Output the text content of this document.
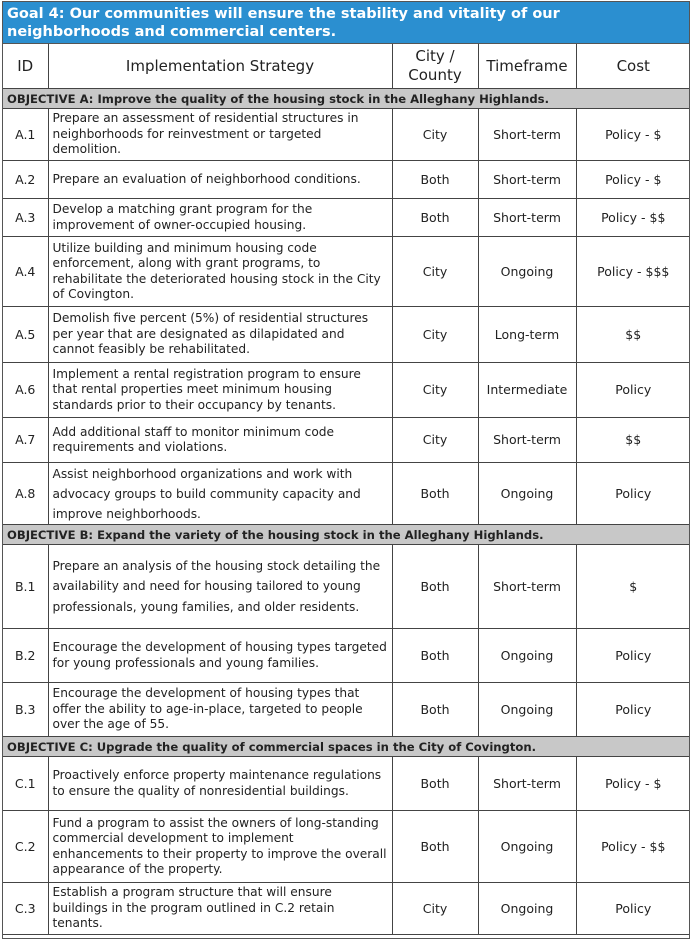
Goal 4: Our communities will ensure the stability and vitality of our neighborhoods and commercial centers.
ID	Implementation Strategy	City / County	Timeframe	Cost
OBJECTIVE A: Improve the quality of the housing stock in the Alleghany Highlands.				
A.1	Prepare an assessment of residential structures in neighborhoods for reinvestment or targeted demolition.	City	Short-term	Policy - $
A.2	Prepare an evaluation of neighborhood conditions.	Both	Short-term	Policy - $
A.3	Develop a matching grant program for the improvement of owner-occupied housing.	Both	Short-term	Policy - $$
A.4	Utilize building and minimum housing code enforcement, along with grant programs, to rehabilitate the deteriorated housing stock in the City of Covington.	City	Ongoing	Policy - $$$
A.5	Demolish five percent (5%) of residential structures per year that are designated as dilapidated and cannot feasibly be rehabilitated.	City	Long-term	$$
A.6	Implement a rental registration program to ensure that rental properties meet minimum housing standards prior to their occupancy by tenants.	City	Intermediate	Policy
A.7	Add additional staff to monitor minimum code requirements and violations.	City	Short-term	$$
A.8	Assist neighborhood organizations and work with advocacy groups to build community capacity and improve neighborhoods.	Both	Ongoing	Policy
OBJECTIVE B: Expand the variety of the housing stock in the Alleghany Highlands.				
B.1	Prepare an analysis of the housing stock detailing the availability and need for housing tailored to young professionals, young families, and older residents.	Both	Short-term	$
B.2	Encourage the development of housing types targeted for young professionals and young families.	Both	Ongoing	Policy
B.3	Encourage the development of housing types that offer the ability to age-in-place, targeted to people over the age of 55.	Both	Ongoing	Policy
OBJECTIVE C: Upgrade the quality of commercial spaces in the City of Covington.				
C.1	Proactively enforce property maintenance regulations to ensure the quality of nonresidential buildings.	Both	Short-term	Policy - $
C.2	Fund a program to assist the owners of long-standing commercial development to implement enhancements to their property to improve the overall appearance of the property.	Both	Ongoing	Policy - $$
C.3	Establish a program structure that will ensure buildings in the program outlined in C.2 retain tenants.	City	Ongoing	Policy
